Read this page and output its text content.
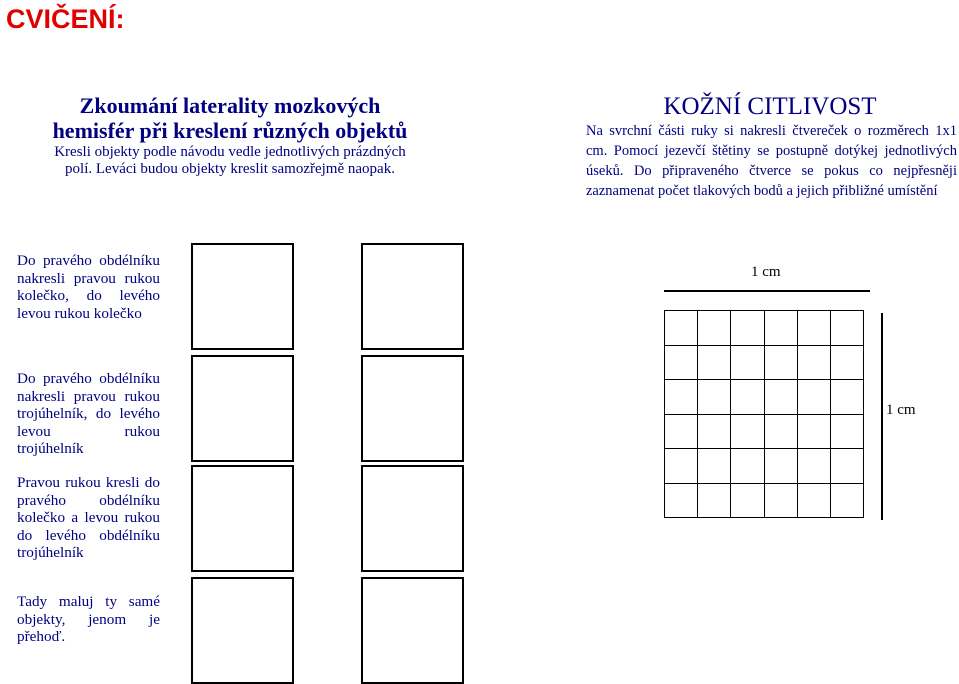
CVIČENÍ:
Zkoumání laterality mozkových
hemisfér při kreslení různých objektů
Kresli objekty podle návodu vedle jednotlivých prázdných
polí. Leváci budou objekty kreslit samozřejmě naopak.
KOŽNÍ CITLIVOST
Na svrchní části ruky si nakresli čtvereček o rozměrech 1x1 cm. Pomocí jezevčí štětiny se postupně dotýkej jednotlivých úseků. Do připraveného čtverce se pokus co nejpřesněji zaznamenat počet tlakových bodů a jejich přibližné umístění
Do pravého obdélníku nakresli pravou rukou kolečko, do levého levou rukou kolečko
Do pravého obdélníku nakresli pravou rukou trojúhelník, do levého levou rukou trojúhelník
Pravou rukou kresli do pravého obdélníku kolečko a levou rukou do levého obdélníku trojúhelník
Tady maluj ty samé objekty, jenom je přehoď.
1 cm
1 cm
